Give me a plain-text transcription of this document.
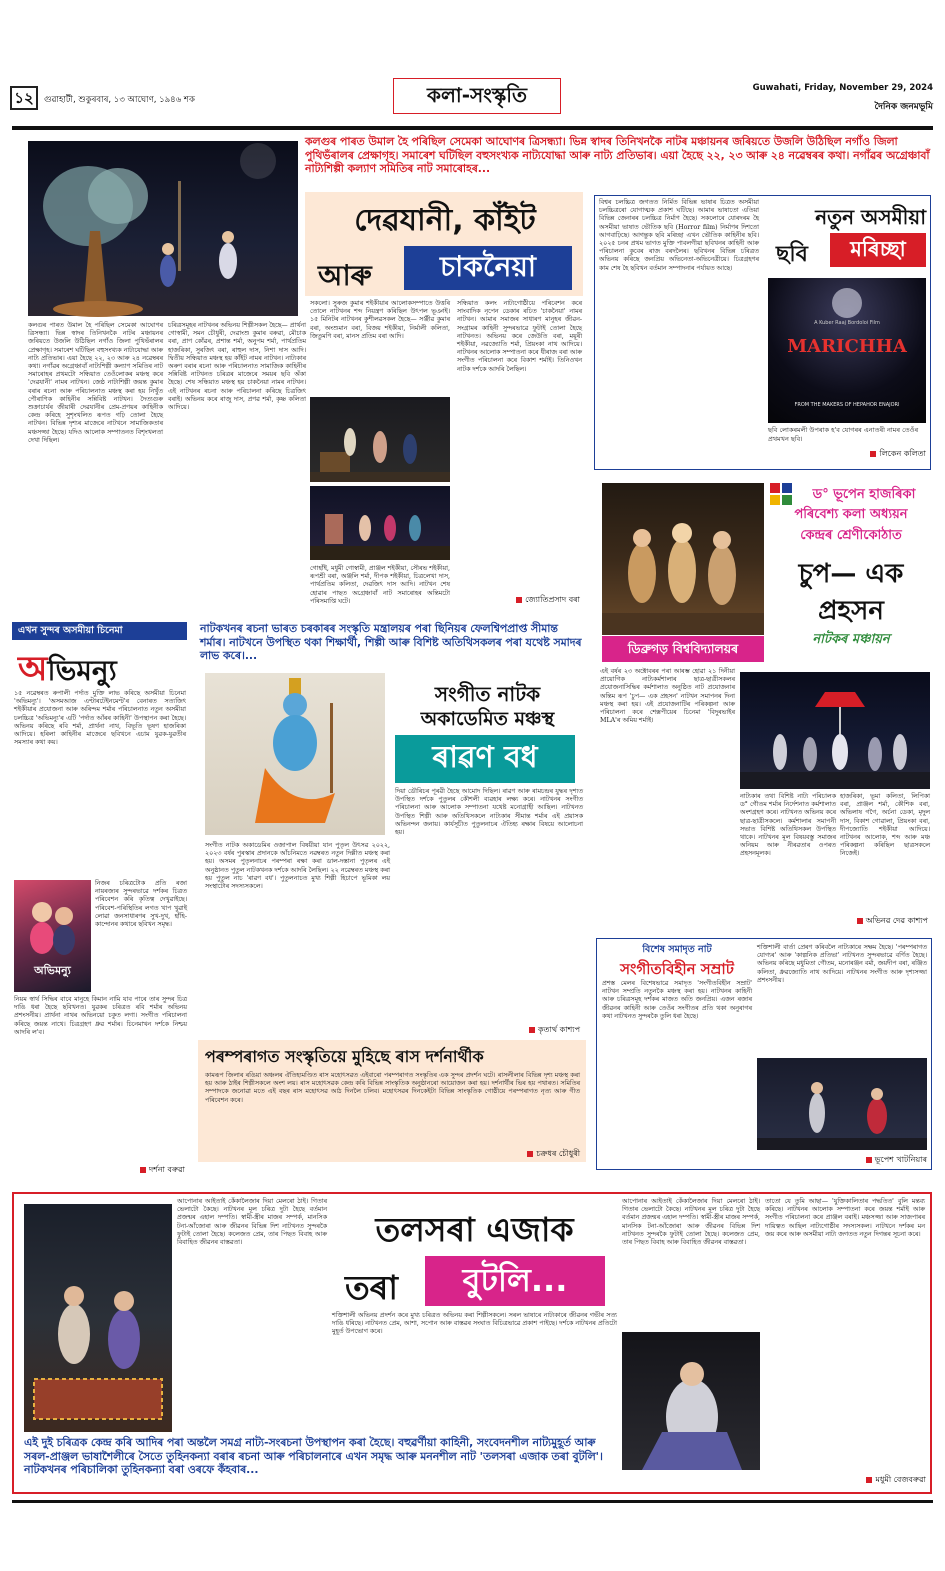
১২	গুৱাহাটী, শুকুৰবাৰ, ১৩ আঘোণ, ১৯৪৬ শক	কলা-সংস্কৃতি	Guwahati, Friday, November 29, 2024
দৈনিক জনমভূমি
কলগুৰ পাৰত উমাল হৈ পৰিছিল সেমেকা আঘোণৰ ত্ৰিসন্ধ্যা। ভিন্ন স্বাদৰ তিনিখনকৈ নাটৰ মঞ্চায়নৰ জৰিয়তে উজলি উঠিছিল নগাঁও জিলা পুথিভঁৰালৰ প্ৰেক্ষাগৃহ। সমাৰেশ ঘটিছিল বহুসংখ্যক নাট্যযোদ্ধা আৰু নাট্য প্ৰতিভাৰ। এয়া হৈছে ২২, ২৩ আৰু ২৪ নৱেম্বৰৰ কথা। নগাঁৱৰ অগ্ৰেঞ্চাবাঁ নাট্যশিল্পী কল্যাণ সমিতিৰ নাট সমাৰোহৰ...
দেৱযানী, কাঁইট
আৰু	চাকনৈয়া
কলগুৰ পাৰত উমাল হৈ পৰিছিল সেমেকা আঘোণৰ ত্ৰিসন্ধ্যা। ভিন্ন স্বাদৰ তিনিখনকৈ নাটৰ মঞ্চায়নৰ জৰিয়তে উজলি উঠিছিল নগাঁও জিলা পুথিভঁৰালৰ প্ৰেক্ষাগৃহ। সমাৰেশ ঘটিছিল বহুসংখ্যক নাট্যযোদ্ধা আৰু নাট্য প্ৰতিভাৰ। এয়া হৈছে ২২, ২৩ আৰু ২৪ নৱেম্বৰৰ কথা। নগাঁৱৰ অগ্ৰেঞ্চাবাঁ নাট্যশিল্পী কল্যাণ সমিতিৰ নাট সমাৰোহৰ প্ৰথমটো সন্ধিয়াত তেওঁলোকৰ মঞ্চস্থ কৰে 'দেৱযানী' নামৰ নাটখন। জেষ্ঠ নাট্যশিল্পী জয়ন্ত কুমাৰ বৰাৰ ৰচনা আৰু পৰিচালনাত মঞ্চস্থ কৰা হয় নিখুঁত পৌৰাণিক কাহিনীৰ সন্নিবিষ্ট নাটখন। দৈত্যগুৰু শুক্ৰাচাৰ্যৰ জীয়াৰী দেৱযানীৰ প্ৰেম-প্ৰণয়ৰ কাহিনীক কেন্দ্ৰ কৰিহে সুশৃংখলিত ৰূপত গঢ়ি তোলা হৈছে নাটখন। বিভিন্ন দৃশ্যৰ মাজেৰে নাটখনে সামাজিকতাৰ মঞ্চসজ্জা হৈছে। যদিও আলোক সম্পাতনত বিশৃংখলতা দেখা দিছিল।
চৰিত্ৰসমূহৰ নাটখনৰ অভিনয় শিল্পীসকল হৈছে— প্ৰাৰ্থনা গোস্বামী, সমন চৌধুৰী, দেৱাংশু কুমাৰ বৰুৱা, মৌচাক বৰা, প্ৰাণ কোঁৱৰ, প্ৰশান্ত শৰ্মা, অনুপম শৰ্মা, পাৰ্থপ্ৰতিম হাজৰিকা, সুৰজিৎ বৰা, ৰাহুল দাস, নিশা দাস আদি। দ্বিতীয় সন্ধিয়াত মঞ্চস্থ হয় কাঁইট নামৰ নাটখন। নাট্যকাৰ অৰুণ বৰাৰ ৰচনা আৰু পৰিচালনাত সামাজিক কাহিনীৰ সন্নিবিষ্ট নাটখনত চৰিত্ৰৰ মাজেৰে সময়ৰ ছবি অঁকা হৈছে। শেষ সন্ধিয়াত মঞ্চস্থ হয় চাকনৈয়া নামৰ নাটখন। এই নাটখনৰ ৰচনা আৰু পৰিচালনা কৰিছে চিত্ৰজিৎ বৰাই। অভিনয় কৰে ৰাজু দাস, প্ৰণৱ শৰ্মা, কৃষ্ণ কলিতা আদিয়ে।
সকলো। সুৰুজ কুমাৰ শইকীয়াৰ আলোকসম্পাতে উত্তৰি তোলে নাটখনৰ শব্দ নিয়ন্ত্ৰণ কৰিছিল উৎপল ভূঞাই। ১৫ মিনিটৰ নাটখনৰ কুশীলৱসকল হৈছে— সঞ্জীৱ কুমাৰ বৰা, অংশুমান বৰা, বিজয় শইকীয়া, নিৰ্মালী কলিতা, জিতুমণি বৰা, মানস প্ৰতিম বৰা আদি।
সন্ধিয়াত কলং নাট্যগোষ্ঠীয়ে পৰিবেশন কৰে সাংবাদিক নৃপেন ডেকাৰ ৰচিত 'চাকনৈয়া' নামৰ নাটখন। আমাৰ সমাজৰ সাধাৰণ মানুহৰ জীৱন-সংগ্ৰামৰ কাহিনী সুন্দৰভাৱে ফুটাই তোলা হৈছে নাটখনত। অভিনয় কৰে জেউতি বৰা, ময়ূৰী শইকীয়া, নৱজ্যোতি শৰ্মা, প্ৰিয়ংকা নাথ আদিয়ে। নাটখনৰ আলোক সম্পাতনা কৰে ধীৰাজ বৰা আৰু সংগীত পৰিচালনা কৰে বিকাশ শৰ্মাই। তিনিওখন নাটক দৰ্শকে আদৰি লৈছিল।
গোহাঁই, মধুমী গোস্বামী, প্ৰাঞ্জল শইকীয়া, সৌৰভ শইকীয়া, ৰূপশ্ৰী বৰা, অঞ্জলি শৰ্মা, দীপক শইকীয়া, চিত্ৰলেখা দাস, পাৰ্থপ্ৰতিম কলিতা, দেৱজিৎ দাস আদি। নাটখন শেষ হোৱাৰ পাছত অগ্ৰেঞ্চাবাঁ নাট সমাৰোহৰ অন্তিমটো পৰিসমাপ্তি ঘটে।	জ্যোতিপ্ৰসাদ বৰা
বিশ্বৰ চলচ্চিত্ৰ জগতত নিৰ্মিত বিভিন্ন ভাষাৰ চিত্ৰত অসমীয়া চলচ্চিত্ৰৰো যোগাত্মক প্ৰকাশ ঘটিছে। আমাৰ ভাষাতো এতিয়া বিভিন্ন জেনাৰৰ চলচ্চিত্ৰ নিৰ্মাণ হৈছে। সকলোৰে যোৰদৰম হৈ অসমীয়া ভাষাত ভৌতিক ছবি (Horror film) নিৰ্মাণৰ দিশতো আগবাঢ়িছে। আগন্তুক ছবি মৰিচ্ছা এখন ভৌতিক কাহিনীৰ ছবি। ২০২৫ চনৰ প্ৰথম ভাগত মুক্তি পাবলগীয়া ছবিখনৰ কাহিনী আৰু পৰিচালনা কুবেৰ ৰাজ বৰদলৈৰ। ছবিখনৰ বিভিন্ন চৰিত্ৰত অভিনয় কৰিছে জনপ্ৰিয় অভিনেতা-অভিনেত্ৰীয়ে। চিত্ৰগ্ৰহণৰ কাম শেষ হৈ ছবিখন বৰ্তমান সম্পাদনাৰ পৰ্যায়ত আছে।
নতুন অসমীয়া
ছবি	মৰিচ্ছা
A Kuber Raaj Bordoloi Film
MARICHHA
FROM THE MAKERS OF HEPAHOR ENAJORI
ছবি লোকৰমলী উপৰাক হ'ব যোগৰৰ এনাতৰী নামৰ তেওঁৰ প্ৰথমখন ছবি।
লিকেন কলিতা
ডিব্ৰুগড় বিশ্ববিদ্যালয়ৰ
ড° ভূপেন হাজৰিকা
পৰিবেশ্য কলা অধ্যয়ন
কেন্দ্ৰৰ শ্ৰেণীকোঠাত
চুপ— এক
প্ৰহসন
নাটকৰ মঞ্চায়ন
এই বৰ্ষৰ ২৩ অক্টোবৰৰ পৰা আৰম্ভ হোৱা ২১ দিনীয়া প্ৰায়োগিক নাট্যকৰ্মশালাৰ ছাত্ৰ-ছাত্ৰীসকলৰ প্ৰযোজনাসিদ্ধিৰ কৰ্মশালাত অনুষ্ঠিত নাট প্ৰযোজনাৰ অন্তিম ৰূপ 'চুপ— এক প্ৰহসন' নাটখন সমাপনৰ দিনা মঞ্চস্থ কৰা হয়। এই প্ৰযোজনাটিৰ পৰিকল্পনা আৰু পৰিচালনা কৰে শেক্সপীয়েৰ চিনেমা 'বিদুৰভাইৰ MLA'ৰ অমিয় শৰ্মাই।
নাট্যকাৰ তথা বিশিষ্ট নাট্য পৰিচালক ড° গৌতম শৰ্মাৰ নিৰ্দেশনাত কৰ্মশালাত অংশগ্ৰহণ কৰে। নাটখনত অভিনয় কৰে ছাত্ৰ-ছাত্ৰীসকলে। কৰ্মশালাৰ সমাপনী সভাত বিশিষ্ট অতিথিসকল উপস্থিত থাকে। নাটখনৰ মূল বিষয়বস্তু সমাজৰ অনিয়ম আৰু নীৰৱতাৰ ওপৰত প্ৰহসনমূলক।
হাজৰিকা, ভূমা কলিতা, লিপিকা বৰা, প্ৰাঞ্জল শৰ্মা, কৌশিক বৰা, অভিলাষ গগৈ, অৰ্চনা ডেকা, মৃদুল দাস, বিকাশ গোৱালা, প্ৰিয়ংকা বৰা, দীপজ্যোতি শইকীয়া আদিয়ে। নাটখনৰ আলোক, শব্দ আৰু মঞ্চ পৰিকল্পনা কৰিছিল ছাত্ৰসকলে নিজেই।
অভিনৱ দেৱ কাশ্যপ
এখন সুন্দৰ অসমীয়া চিনেমা
অভিমন্যু
১৫ নৱেম্বৰত ৰুপালী পৰ্দাত মুক্তি লাভ কৰিছে অসমীয়া চিনেমা 'অভিমন্যু'। 'অসমআজ এণ্টাৰটেইনমেণ্ট'ৰ বেনাৰত সত্যজিৎ শইকীয়াৰ প্ৰযোজনা আৰু অৰিন্দম শৰ্মাৰ পৰিচালনাত নতুন অসমীয়া চলচ্চিত্ৰ 'অভিমন্যু'ৰ এটি 'পৰ্দাত আঁৰৰ কাহিনী' উপস্থাপন কৰা হৈছে। অভিনয় কৰিছে ৰবি শৰ্মা, প্ৰাৰ্থনা নাথ, বিভূতি ভূষণ হাজৰিকা আদিয়ে। হৰিলা কাহিনীৰ মাজেৰে ছবিখনে এচাম যুৱক-যুৱতীৰ সমস্যাৰ কথা কয়।
অভিমন্যু
নিজৰ চৰিত্ৰটোক প্ৰতি ৰজা নায়ৰজ্যৰ সুন্দৰভাৱে দৰ্শকৰ চিত্ৰত পৰিবেশন কৰি কৃতিত্ব দেখুৱাইছে। পৰিবেশ-পৰিস্থিতিৰ লগত খাপ খুৱাই লোৱা জনসাধাৰণৰ সুখ-দুখ, হাঁহি-কান্দোনৰ কথাৰে ছবিখন সমৃদ্ধ।
নিয়ম স্বাৰ্থ সিদ্ধিৰ বাবে মানুহে কিমান নামি যাব পাৰে তাৰ সুন্দৰ চিত্ৰ দাঙি ধৰা হৈছে ছবিখনত। যুৱকৰ চৰিত্ৰত ৰবি শৰ্মাৰ অভিনয় প্ৰশংসনীয়। প্ৰাৰ্থনা নাথৰ অভিনয়ো চকুত লগা। সংগীত পৰিচালনা কৰিছে জয়ন্ত নাথে। চিত্ৰগ্ৰহণ ধ্ৰুৱ শৰ্মাৰ। চিনেমাখন দৰ্শকে নিশ্চয় আদৰি ল'ব।
দৰ্শনা বৰুৱা
নাটকখনৰ ৰচনা ভাৰত চৰকাৰৰ সংস্কৃতি মন্ত্ৰালয়ৰ পৰা ছিনিয়ৰ ফেলশ্বিপপ্ৰাপ্ত সীমান্ত শৰ্মাৰ। নাটখনে উপস্থিত থকা শিক্ষাৰ্থী, শিল্পী আৰু বিশিষ্ট অতিথিসকলৰ পৰা যথেষ্ট সমাদৰ লাভ কৰে।...
সংগীত নাটক
অকাডেমিত মঞ্চস্থ
ৰাৱণ বধ
সংগীত নাটক অকাডেমিৰ ওজাপাল বিষয়ীয়া যান পুতৃল উৎসৱ ২০২২, ২০২৩ বৰ্ষৰ পুৰস্কাৰ প্ৰদানকে আঁচনিমতে নৱম্বৰত নতুন দিল্লীত মঞ্চস্থ কৰা হয়। অসমৰ পুতৃলনাচৰ পৰম্পৰা ৰক্ষা কৰা ডাল-দস্তানা পুতৃলৰ এই অনুষ্ঠানত পুতুল নাটকখনক দৰ্শকে আদৰি লৈছিল। ২২ নৱেম্বৰত মঞ্চস্থ কৰা হয় পুতুল নাচ 'ৰাৱণ বধ'। পুতুলনাচত মুখ্য শিল্পী হিচাপে ভূমিকা লয় সংস্থাটোৰ সদস্যসকলে।
দিয়া ডৌৰিচৰ পূৰৱী হৈছে আমোদ দিছিল। ৰাৱণ আৰু ৰামচন্দ্ৰৰ যুদ্ধৰ দৃশ্যত উপস্থিত দৰ্শকে পুতুলৰ কৌশলী ব্যৱহাৰ লক্ষ্য কৰে। নাটখনৰ সংগীত পৰিচালনা আৰু আলোক সম্পাতনা যথেষ্ট মনোগ্ৰাহী আছিল। নাটখনত উপস্থিত শিল্পী আৰু অতিথিসকলে নাট্যকাৰ সীমান্ত শৰ্মাৰ এই প্ৰয়াসক অভিনন্দন জনায়। কাৰ্যসূচীত পুতুলনাচৰ ঐতিহ্য ৰক্ষাৰ বিষয়ে আলোচনা হয়।
কৃতাৰ্থ কাশ্যপ
পৰম্পৰাগত সংস্কৃতিয়ে মুহিছে ৰাস দৰ্শনাৰ্থীক
কামৰূপ জিলাৰ ৰঙিয়া অঞ্চলৰ ঐতিহ্যমণ্ডিত ৰাস মহোৎসৱত এইবাৰো পৰম্পৰাগত সংস্কৃতিৰ এক সুন্দৰ প্ৰদৰ্শন ঘটে। ৰাসলীলাৰ বিভিন্ন দৃশ্য মঞ্চস্থ কৰা হয় আৰু ঠাইৰ শিল্পীসকলে অংশ লয়। ৰাস মহোৎসৱক কেন্দ্ৰ কৰি বিভিন্ন সাংস্কৃতিক অনুষ্ঠানৰো আয়োজন কৰা হয়। দৰ্শনাৰ্থীৰ ভিৰ হয় পথাৰত। সমিতিৰ সম্পাদকে জনোৱা মতে এই বছৰ ৰাস মহোৎসৱ আঠ দিনলৈ চলিব। মহোৎসৱৰ দিনকেইটা বিভিন্ন সাংস্কৃতিক গোষ্ঠীয়ে পৰম্পৰাগত নৃত্য আৰু গীত পৰিবেশন কৰে।
চক্ৰধৰ চৌধুৰী
বিশেষ সমাদৃত নাট
সংগীতবিহীন সম্ৰাট
প্ৰশস্ত মেলৰ বিশেষভাৱে সমাদৃত 'সংগীতবিহীন সম্ৰাট' নাটখন সম্প্ৰতি নতুনকৈ মঞ্চস্থ কৰা হয়। নাটখনৰ কাহিনী আৰু চৰিত্ৰসমূহ দৰ্শকৰ মাজত অতি জনপ্ৰিয়। এজন ৰজাৰ জীৱনৰ কাহিনী আৰু তেওঁৰ সংগীতৰ প্ৰতি থকা অনুৰাগৰ কথা নাটখনত সুন্দৰকৈ তুলি ধৰা হৈছে।
শক্তিশালী বাৰ্তা প্ৰেৰণ কৰিবলৈ নাট্যকাৰে সক্ষম হৈছে। 'পৰম্পৰাগত যোগ্যৰ' আৰু 'কাল্পনিক প্ৰতিভা' নাটখনত সুন্দৰভাৱে বৰ্ণিত হৈছে। অভিনয় কৰিছে মধুমিতা গৌতম, মনোৰঞ্জন বৰ্মা, জয়দীপ বৰা, ৰঞ্জিত কলিতা, ধ্ৰুৱজ্যোতি নাথ আদিয়ে। নাটখনৰ সংগীত আৰু দৃশ্যসজ্জা প্ৰশংসনীয়।
ভূপেশ খাটনিয়াৰ
আপোনাৰ আইতাই কেঁকালৈজাৰ দিয়া মেলৰো ঠাই। গিতাৰ ভেলাটো কৈছে। নাটখনৰ মূল চৰিত্ৰ দুটা হৈছে বৰ্তমান প্ৰজন্মৰ এহাল দম্পতি। স্বামী-স্ত্ৰীৰ মাজৰ সম্পৰ্ক, মানসিক টনা-আঁজোৰা আৰু জীৱনৰ বিভিন্ন দিশ নাটখনত সুন্দৰকৈ ফুটাই তোলা হৈছে। কলেজত প্ৰেম, তাৰ পিছত বিবাহ আৰু বিবাহিত জীৱনৰ বাস্তৱতা।	তলসৰা এজাক
তৰা	বুটলি...
শক্তিশালী অভিনয় প্ৰদৰ্শন কৰে মুখ্য চৰিত্ৰত অভিনয় কৰা শিল্পীসকলে। সৰল ভাষাৰে নাট্যকাৰে জীৱনৰ গভীৰ সত্য দাঙি ধৰিছে। নাটখনত প্ৰেম, আশা, সপোন আৰু বাস্তৱৰ সংঘাত বিচিত্ৰভাৱে প্ৰকাশ পাইছে। দৰ্শকে নাটখনৰ প্ৰতিটো মুহূৰ্ত উপভোগ কৰে।
আপোনাৰ আইতাই কেঁকালৈজাৰ দিয়া মেলৰো ঠাই। গিতাৰ ভেলাটো কৈছে। নাটখনৰ মূল চৰিত্ৰ দুটা হৈছে বৰ্তমান প্ৰজন্মৰ এহাল দম্পতি। স্বামী-স্ত্ৰীৰ মাজৰ সম্পৰ্ক, মানসিক টনা-আঁজোৰা আৰু জীৱনৰ বিভিন্ন দিশ নাটখনত সুন্দৰকৈ ফুটাই তোলা হৈছে। কলেজত প্ৰেম, তাৰ পিছত বিবাহ আৰু বিবাহিত জীৱনৰ বাস্তৱতা।
তাতো যে তুমি আছা— 'যুক্তিকালিতাৰ পদ্ধতিত' বুলি মন্তব্য কৰিছে। নাটখনৰ আলোক সম্পাতনা কৰে জয়ন্ত শৰ্মাই আৰু সংগীত পৰিচালনা কৰে প্ৰাঞ্জল বৰাই। মঞ্চসজ্জা আৰু সাজপাৰৰ দায়িত্বত আছিল নাট্যগোষ্ঠীৰ সদস্যসকল। নাটখনে দৰ্শকৰ মন জয় কৰে আৰু অসমীয়া নাট্য জগতত নতুন দিগন্তৰ সূচনা কৰে।
এই দুই চৰিত্ৰক কেন্দ্ৰ কৰি আদিৰ পৰা অন্তলৈ সমগ্ৰ নাট্য-সংৰচনা উপস্থাপন কৰা হৈছে। বহুৱৰ্ণীয়া কাহিনী, সংবেদনশীল নাট্যমুহূৰ্ত আৰু সৰল-প্ৰাঞ্জল ভাষাশৈলীৰে সৈতে তুহিনকন্যা বৰাৰ ৰচনা আৰু পৰিচালনাৰে এখন সমৃদ্ধ আৰু মননশীল নাট 'তলসৰা এজাক তৰা বুটলি'। নাটকখনৰ পৰিচালিকা তুহিনকন্যা বৰা ওৰফে কঁহবাৰ...
মধুমী বেজবৰুৱা
